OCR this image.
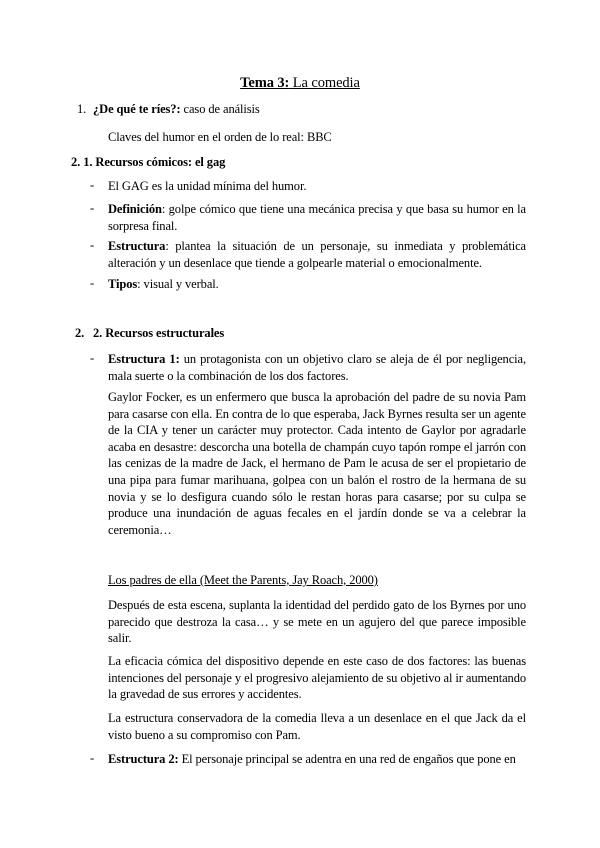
Tema 3: La comedia
1. ¿De qué te ríes?: caso de análisis
Claves del humor en el orden de lo real: BBC
2. 1. Recursos cómicos: el gag
- El GAG es la unidad mínima del humor.
- Definición: golpe cómico que tiene una mecánica precisa y que basa su humor en la sorpresa final.
- Estructura: plantea la situación de un personaje, su inmediata y problemática alteración y un desenlace que tiende a golpearle material o emocionalmente.
- Tipos: visual y verbal.
2. 2. Recursos estructurales
- Estructura 1: un protagonista con un objetivo claro se aleja de él por negligencia, mala suerte o la combinación de los dos factores.
Gaylor Focker, es un enfermero que busca la aprobación del padre de su novia Pam para casarse con ella. En contra de lo que esperaba, Jack Byrnes resulta ser un agente de la CIA y tener un carácter muy protector. Cada intento de Gaylor por agradarle acaba en desastre: descorcha una botella de champán cuyo tapón rompe el jarrón con las cenizas de la madre de Jack, el hermano de Pam le acusa de ser el propietario de una pipa para fumar marihuana, golpea con un balón el rostro de la hermana de su novia y se lo desfigura cuando sólo le restan horas para casarse; por su culpa se produce una inundación de aguas fecales en el jardín donde se va a celebrar la ceremonia…
Los padres de ella (Meet the Parents, Jay Roach, 2000)
Después de esta escena, suplanta la identidad del perdido gato de los Byrnes por uno parecido que destroza la casa… y se mete en un agujero del que parece imposible salir.
La eficacia cómica del dispositivo depende en este caso de dos factores: las buenas intenciones del personaje y el progresivo alejamiento de su objetivo al ir aumentando la gravedad de sus errores y accidentes.
La estructura conservadora de la comedia lleva a un desenlace en el que Jack da el visto bueno a su compromiso con Pam.
- Estructura 2: El personaje principal se adentra en una red de engaños que pone en
